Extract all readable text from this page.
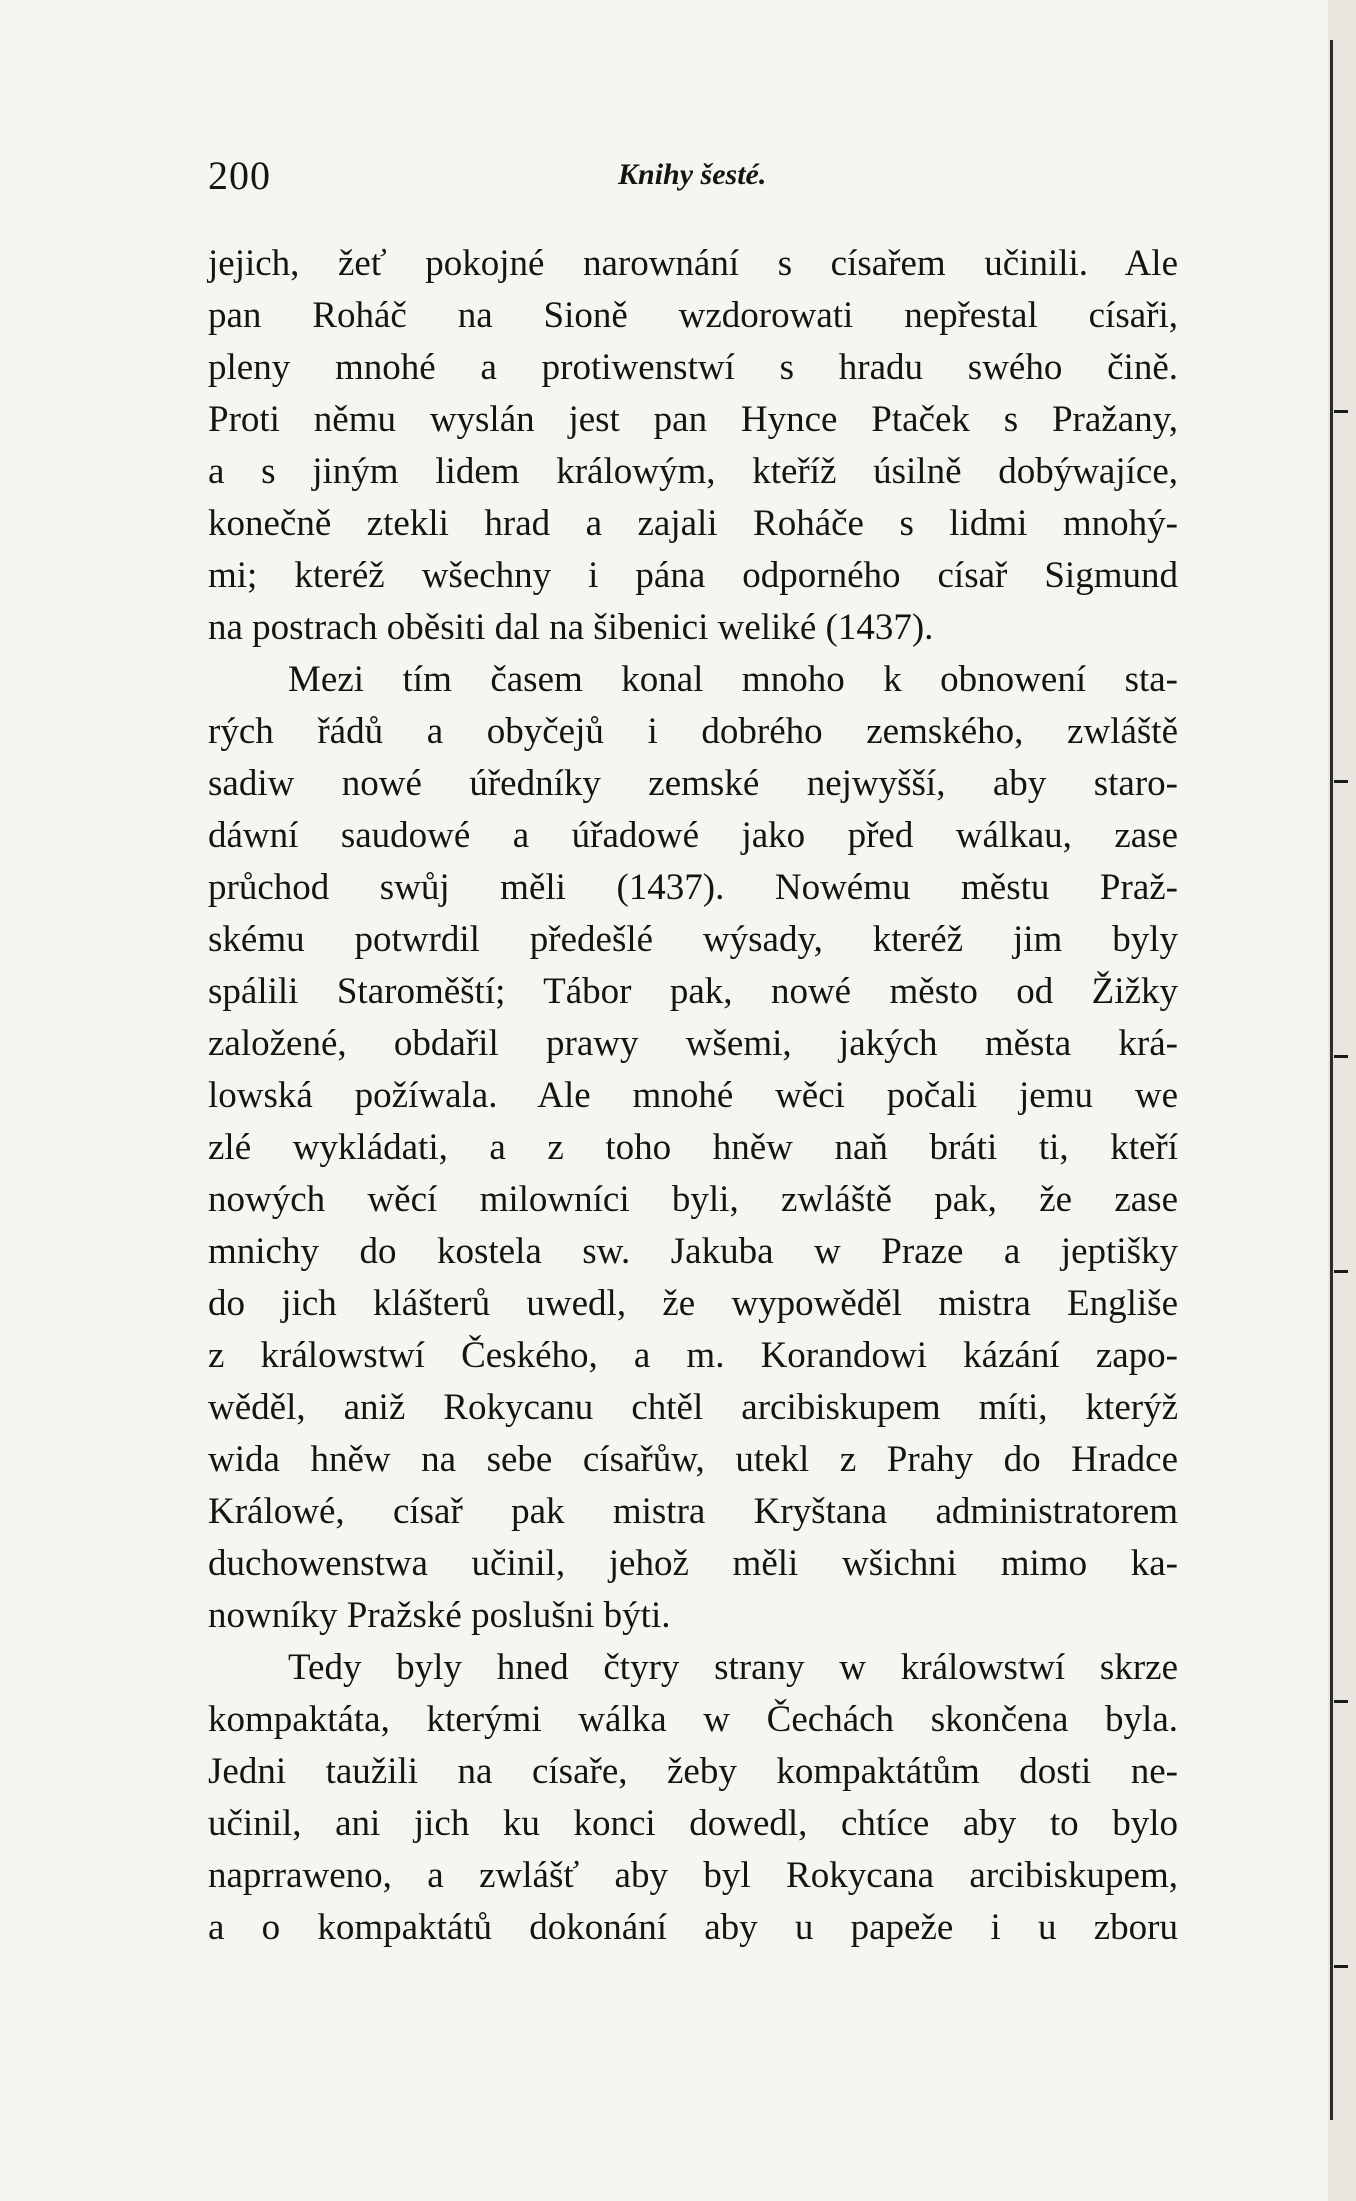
200	Knihy šesté.
jejich, žeť pokojné narownání s císařem učinili. Ale
pan Roháč na Sioně wzdorowati nepřestal císaři,
pleny mnohé a protiwenstwí s hradu swého čině.
Proti němu wyslán jest pan Hynce Ptaček s Pražany,
a s jiným lidem králowým, kteříž úsilně dobýwajíce,
konečně ztekli hrad a zajali Roháče s lidmi mnohý-
mi; kteréž wšechny i pána odporného císař Sigmund
na postrach oběsiti dal na šibenici weliké (1437).
Mezi tím časem konal mnoho k obnowení sta-
rých řádů a obyčejů i dobrého zemského, zwláště
sadiw nowé úředníky zemské nejwyšší, aby staro-
dáwní saudowé a úřadowé jako před wálkau, zase
průchod swůj měli (1437). Nowému městu Praž-
skému potwrdil předešlé wýsady, kteréž jim byly
spálili Staroměští; Tábor pak, nowé město od Žižky
založené, obdařil prawy wšemi, jakých města krá-
lowská požíwala. Ale mnohé wěci počali jemu we
zlé wykládati, a z toho hněw naň bráti ti, kteří
nowých wěcí milowníci byli, zwláště pak, že zase
mnichy do kostela sw. Jakuba w Praze a jeptišky
do jich klášterů uwedl, že wypowěděl mistra Engliše
z králowstwí Českého, a m. Korandowi kázání zapo-
wěděl, aniž Rokycanu chtěl arcibiskupem míti, kterýž
wida hněw na sebe císařůw, utekl z Prahy do Hradce
Králowé, císař pak mistra Kryštana administratorem
duchowenstwa učinil, jehož měli wšichni mimo ka-
nowníky Pražské poslušni býti.
Tedy byly hned čtyry strany w králowstwí skrze
kompaktáta, kterými wálka w Čechách skončena byla.
Jedni taužili na císaře, žeby kompaktátům dosti ne-
učinil, ani jich ku konci dowedl, chtíce aby to bylo
naprraweno, a zwlášť aby byl Rokycana arcibiskupem,
a o kompaktátů dokonání aby u papeže i u zboru
